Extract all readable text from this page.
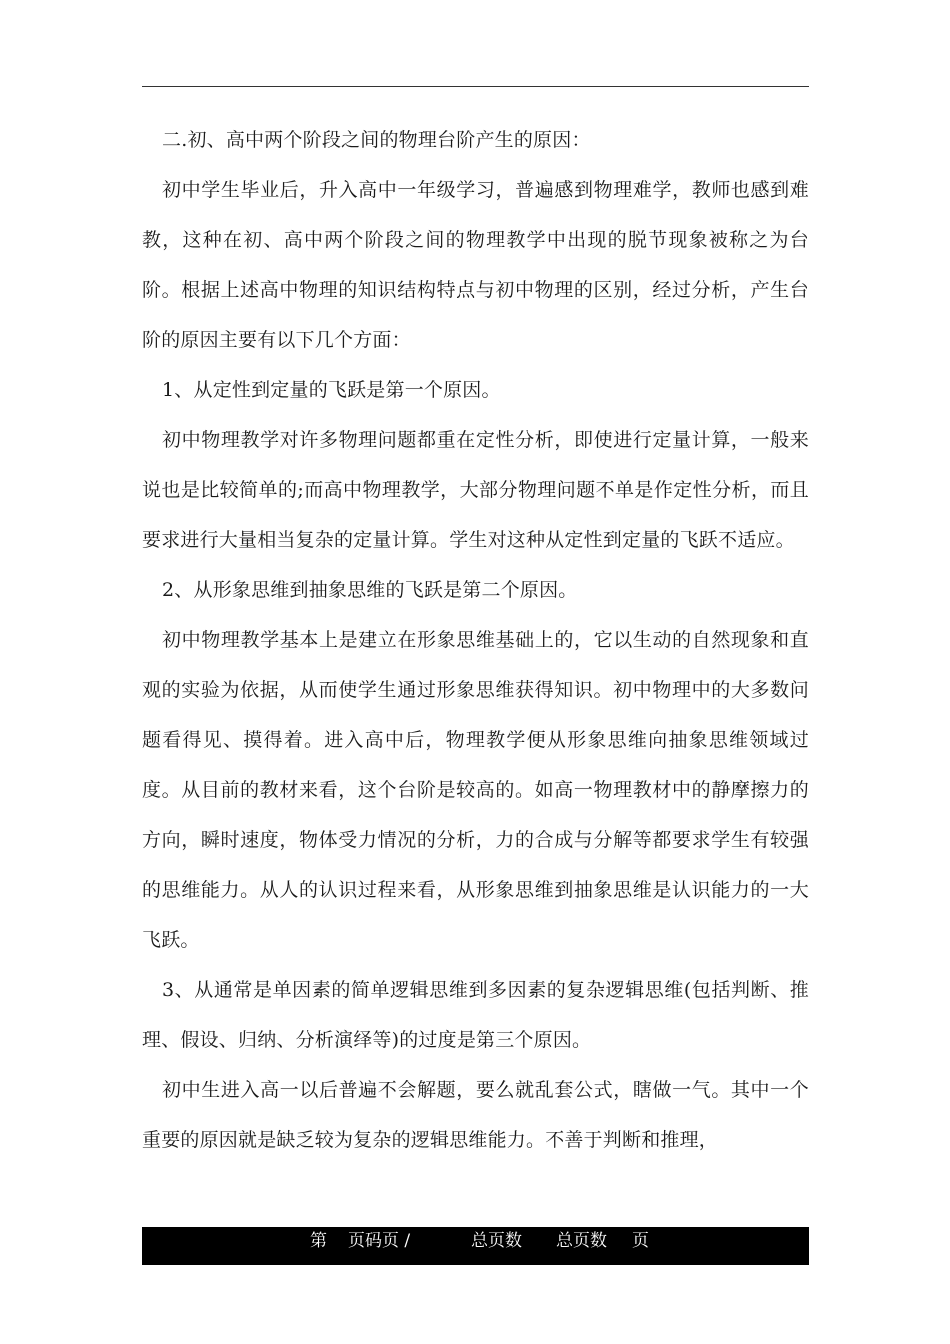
二.初、高中两个阶段之间的物理台阶产生的原因：

初中学生毕业后，升入高中一年级学习，普遍感到物理难学，教师也感到难教，这种在初、高中两个阶段之间的物理教学中出现的脱节现象被称之为台阶。根据上述高中物理的知识结构特点与初中物理的区别，经过分析，产生台阶的原因主要有以下几个方面：

1、从定性到定量的飞跃是第一个原因。

初中物理教学对许多物理问题都重在定性分析，即使进行定量计算，一般来说也是比较简单的;而高中物理教学，大部分物理问题不单是作定性分析，而且要求进行大量相当复杂的定量计算。学生对这种从定性到定量的飞跃不适应。

2、从形象思维到抽象思维的飞跃是第二个原因。

初中物理教学基本上是建立在形象思维基础上的，它以生动的自然现象和直观的实验为依据，从而使学生通过形象思维获得知识。初中物理中的大多数问题看得见、摸得着。进入高中后，物理教学便从形象思维向抽象思维领域过度。从目前的教材来看，这个台阶是较高的。如高一物理教材中的静摩擦力的方向，瞬时速度，物体受力情况的分析，力的合成与分解等都要求学生有较强的思维能力。从人的认识过程来看，从形象思维到抽象思维是认识能力的一大飞跃。

3、从通常是单因素的简单逻辑思维到多因素的复杂逻辑思维(包括判断、推理、假设、归纳、分析演绎等)的过度是第三个原因。

初中生进入高一以后普遍不会解题，要么就乱套公式，瞎做一气。其中一个重要的原因就是缺乏较为复杂的逻辑思维能力。不善于判断和推理，

第 页码页 /	总页数 总页数 页
